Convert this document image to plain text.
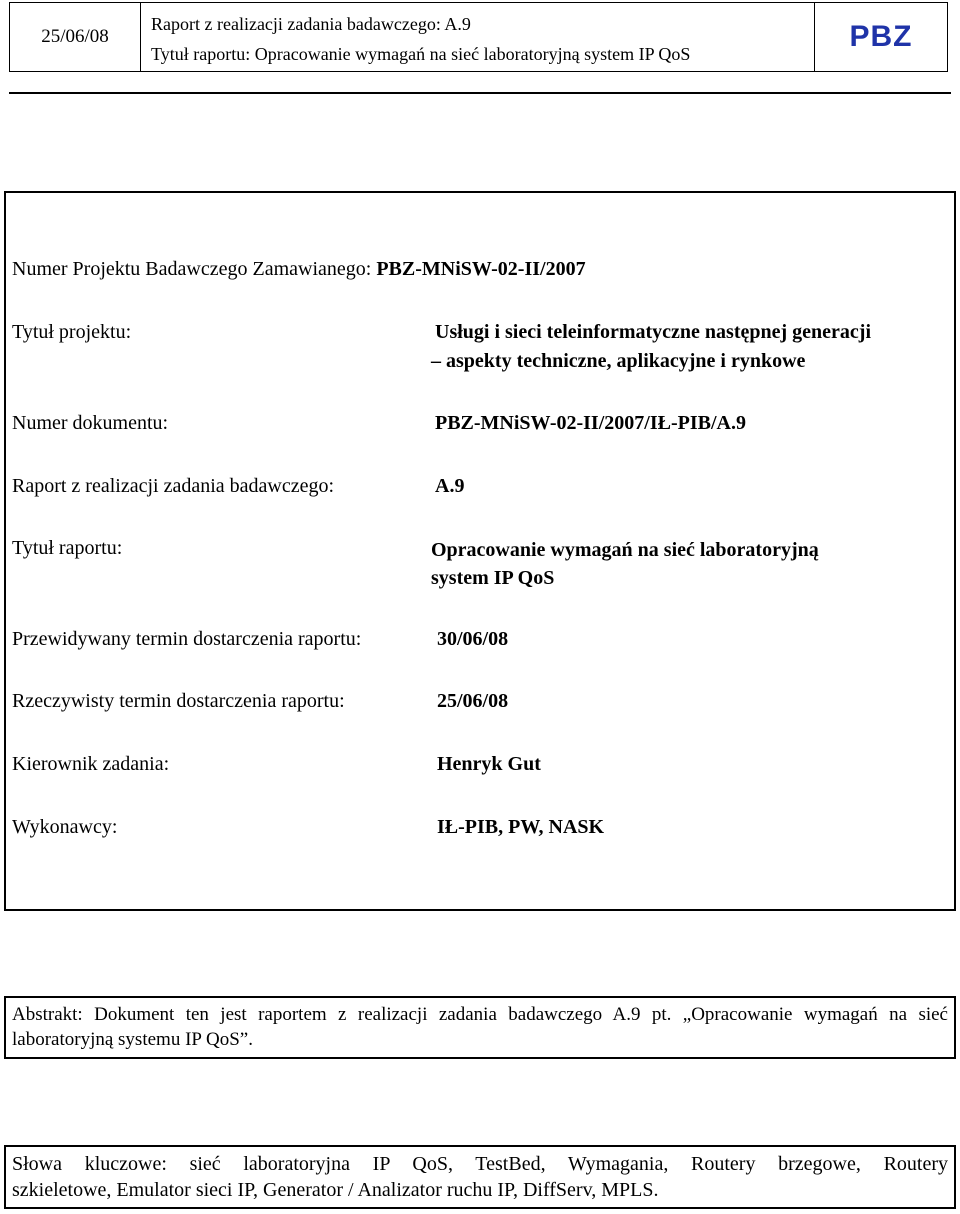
25/06/08
Raport z realizacji zadania badawczego: A.9
Tytuł raportu: Opracowanie wymagań na sieć laboratoryjną system IP QoS
PBZ
Numer Projektu Badawczego Zamawianego: PBZ-MNiSW-02-II/2007
Tytuł projektu:	Usługi i sieci teleinformatyczne następnej generacji
– aspekty techniczne, aplikacyjne i rynkowe
Numer dokumentu:	PBZ-MNiSW-02-II/2007/IŁ-PIB/A.9
Raport z realizacji zadania badawczego:	A.9
Tytuł raportu:	Opracowanie wymagań na sieć laboratoryjną
system IP QoS
Przewidywany termin dostarczenia raportu:	30/06/08
Rzeczywisty termin dostarczenia raportu:	25/06/08
Kierownik zadania:	Henryk Gut
Wykonawcy:	IŁ-PIB, PW, NASK
Abstrakt: Dokument ten jest raportem z realizacji zadania badawczego A.9 pt. „Opracowanie wymagań na sieć laboratoryjną systemu IP QoS”.
Słowa kluczowe: sieć laboratoryjna IP QoS, TestBed, Wymagania, Routery brzegowe, Routery
szkieletowe, Emulator sieci IP, Generator / Analizator ruchu IP, DiffServ, MPLS.
